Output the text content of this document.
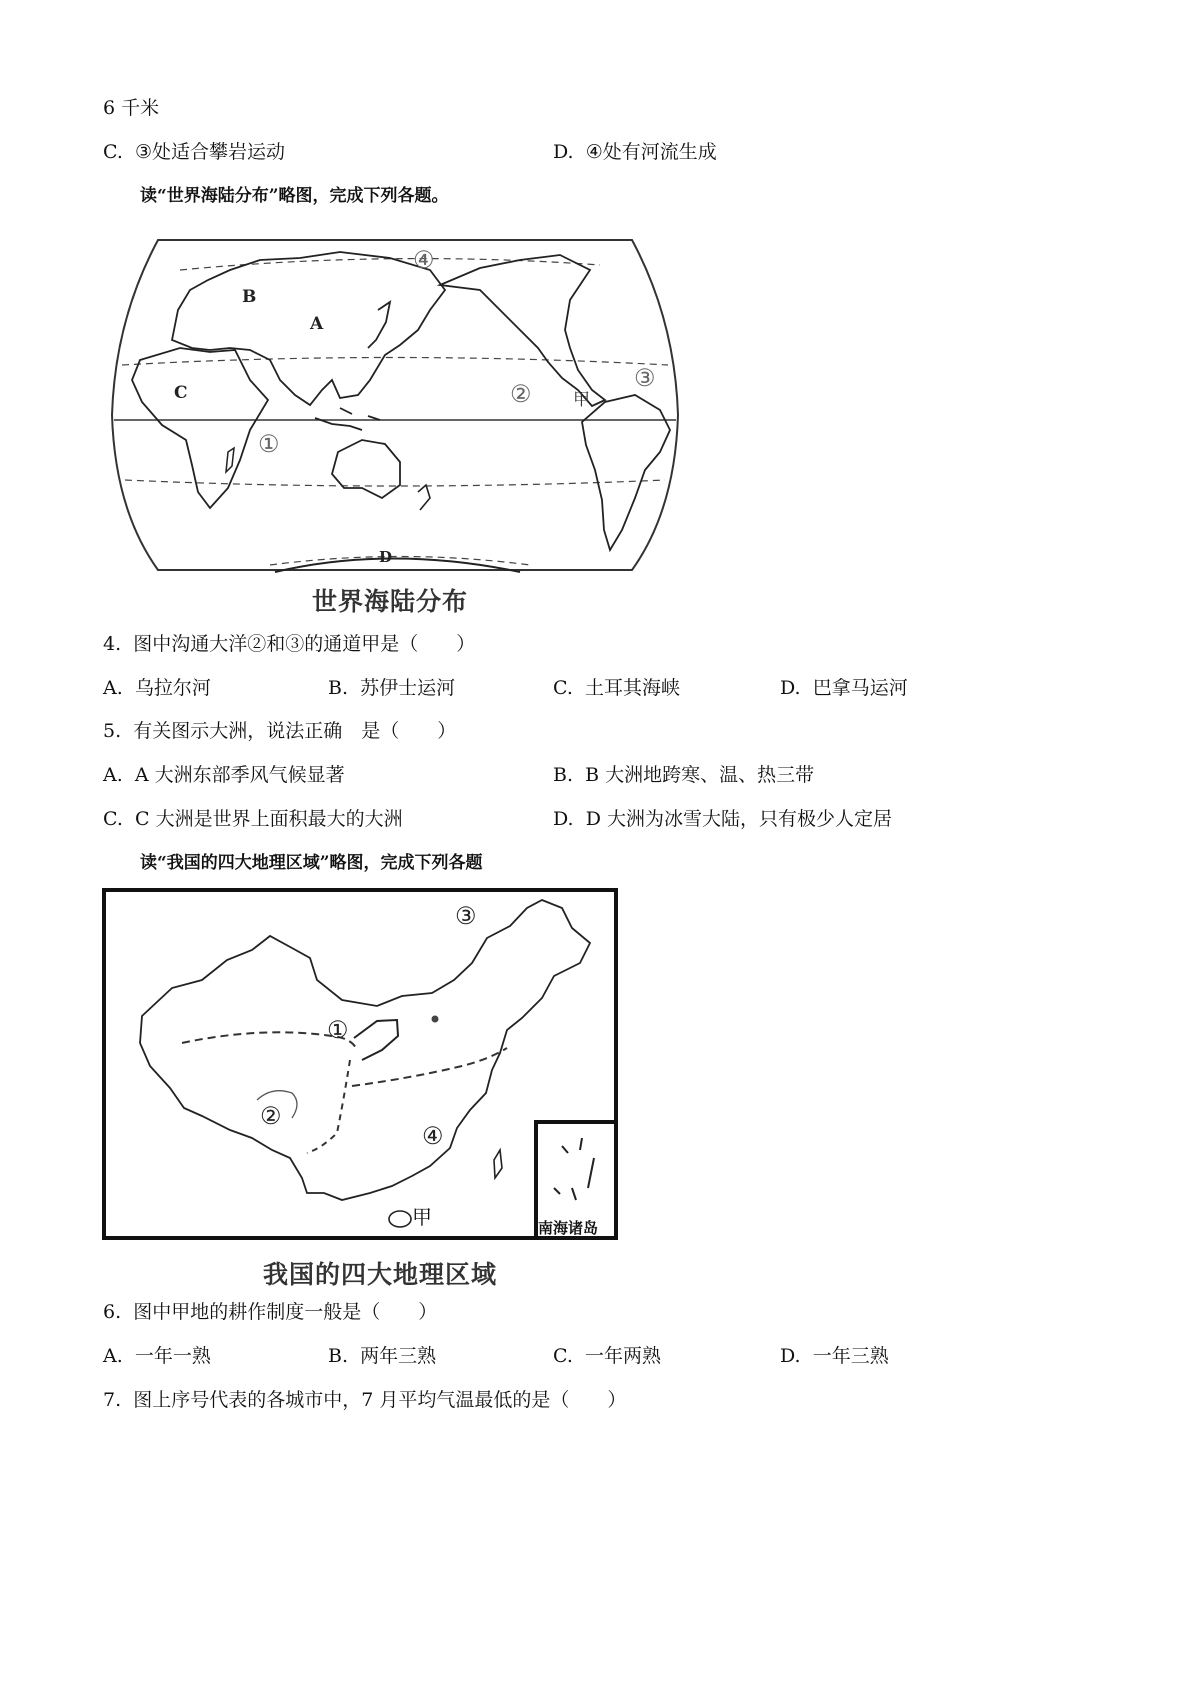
6 千米
C. ③处适合攀岩运动	D. ④处有河流生成
读“世界海陆分布”略图，完成下列各题。
B
A
C
D
甲
①
②
③
④
世界海陆分布
4. 图中沟通大洋②和③的通道甲是（　　）
A. 乌拉尔河	B. 苏伊士运河	C. 土耳其海峡	D. 巴拿马运河
5. 有关图示大洲，说法正确　是（　　）
A. A 大洲东部季风气候显著	B. B 大洲地跨寒、温、热三带
C. C 大洲是世界上面积最大的大洲	D. D 大洲为冰雪大陆，只有极少人定居
读“我国的四大地理区域”略图，完成下列各题
①
②
③
④
甲	南海诸岛
我国的四大地理区域
6. 图中甲地的耕作制度一般是（　　）
A. 一年一熟	B. 两年三熟	C. 一年两熟	D. 一年三熟
7. 图上序号代表的各城市中，7 月平均气温最低的是（　　）
